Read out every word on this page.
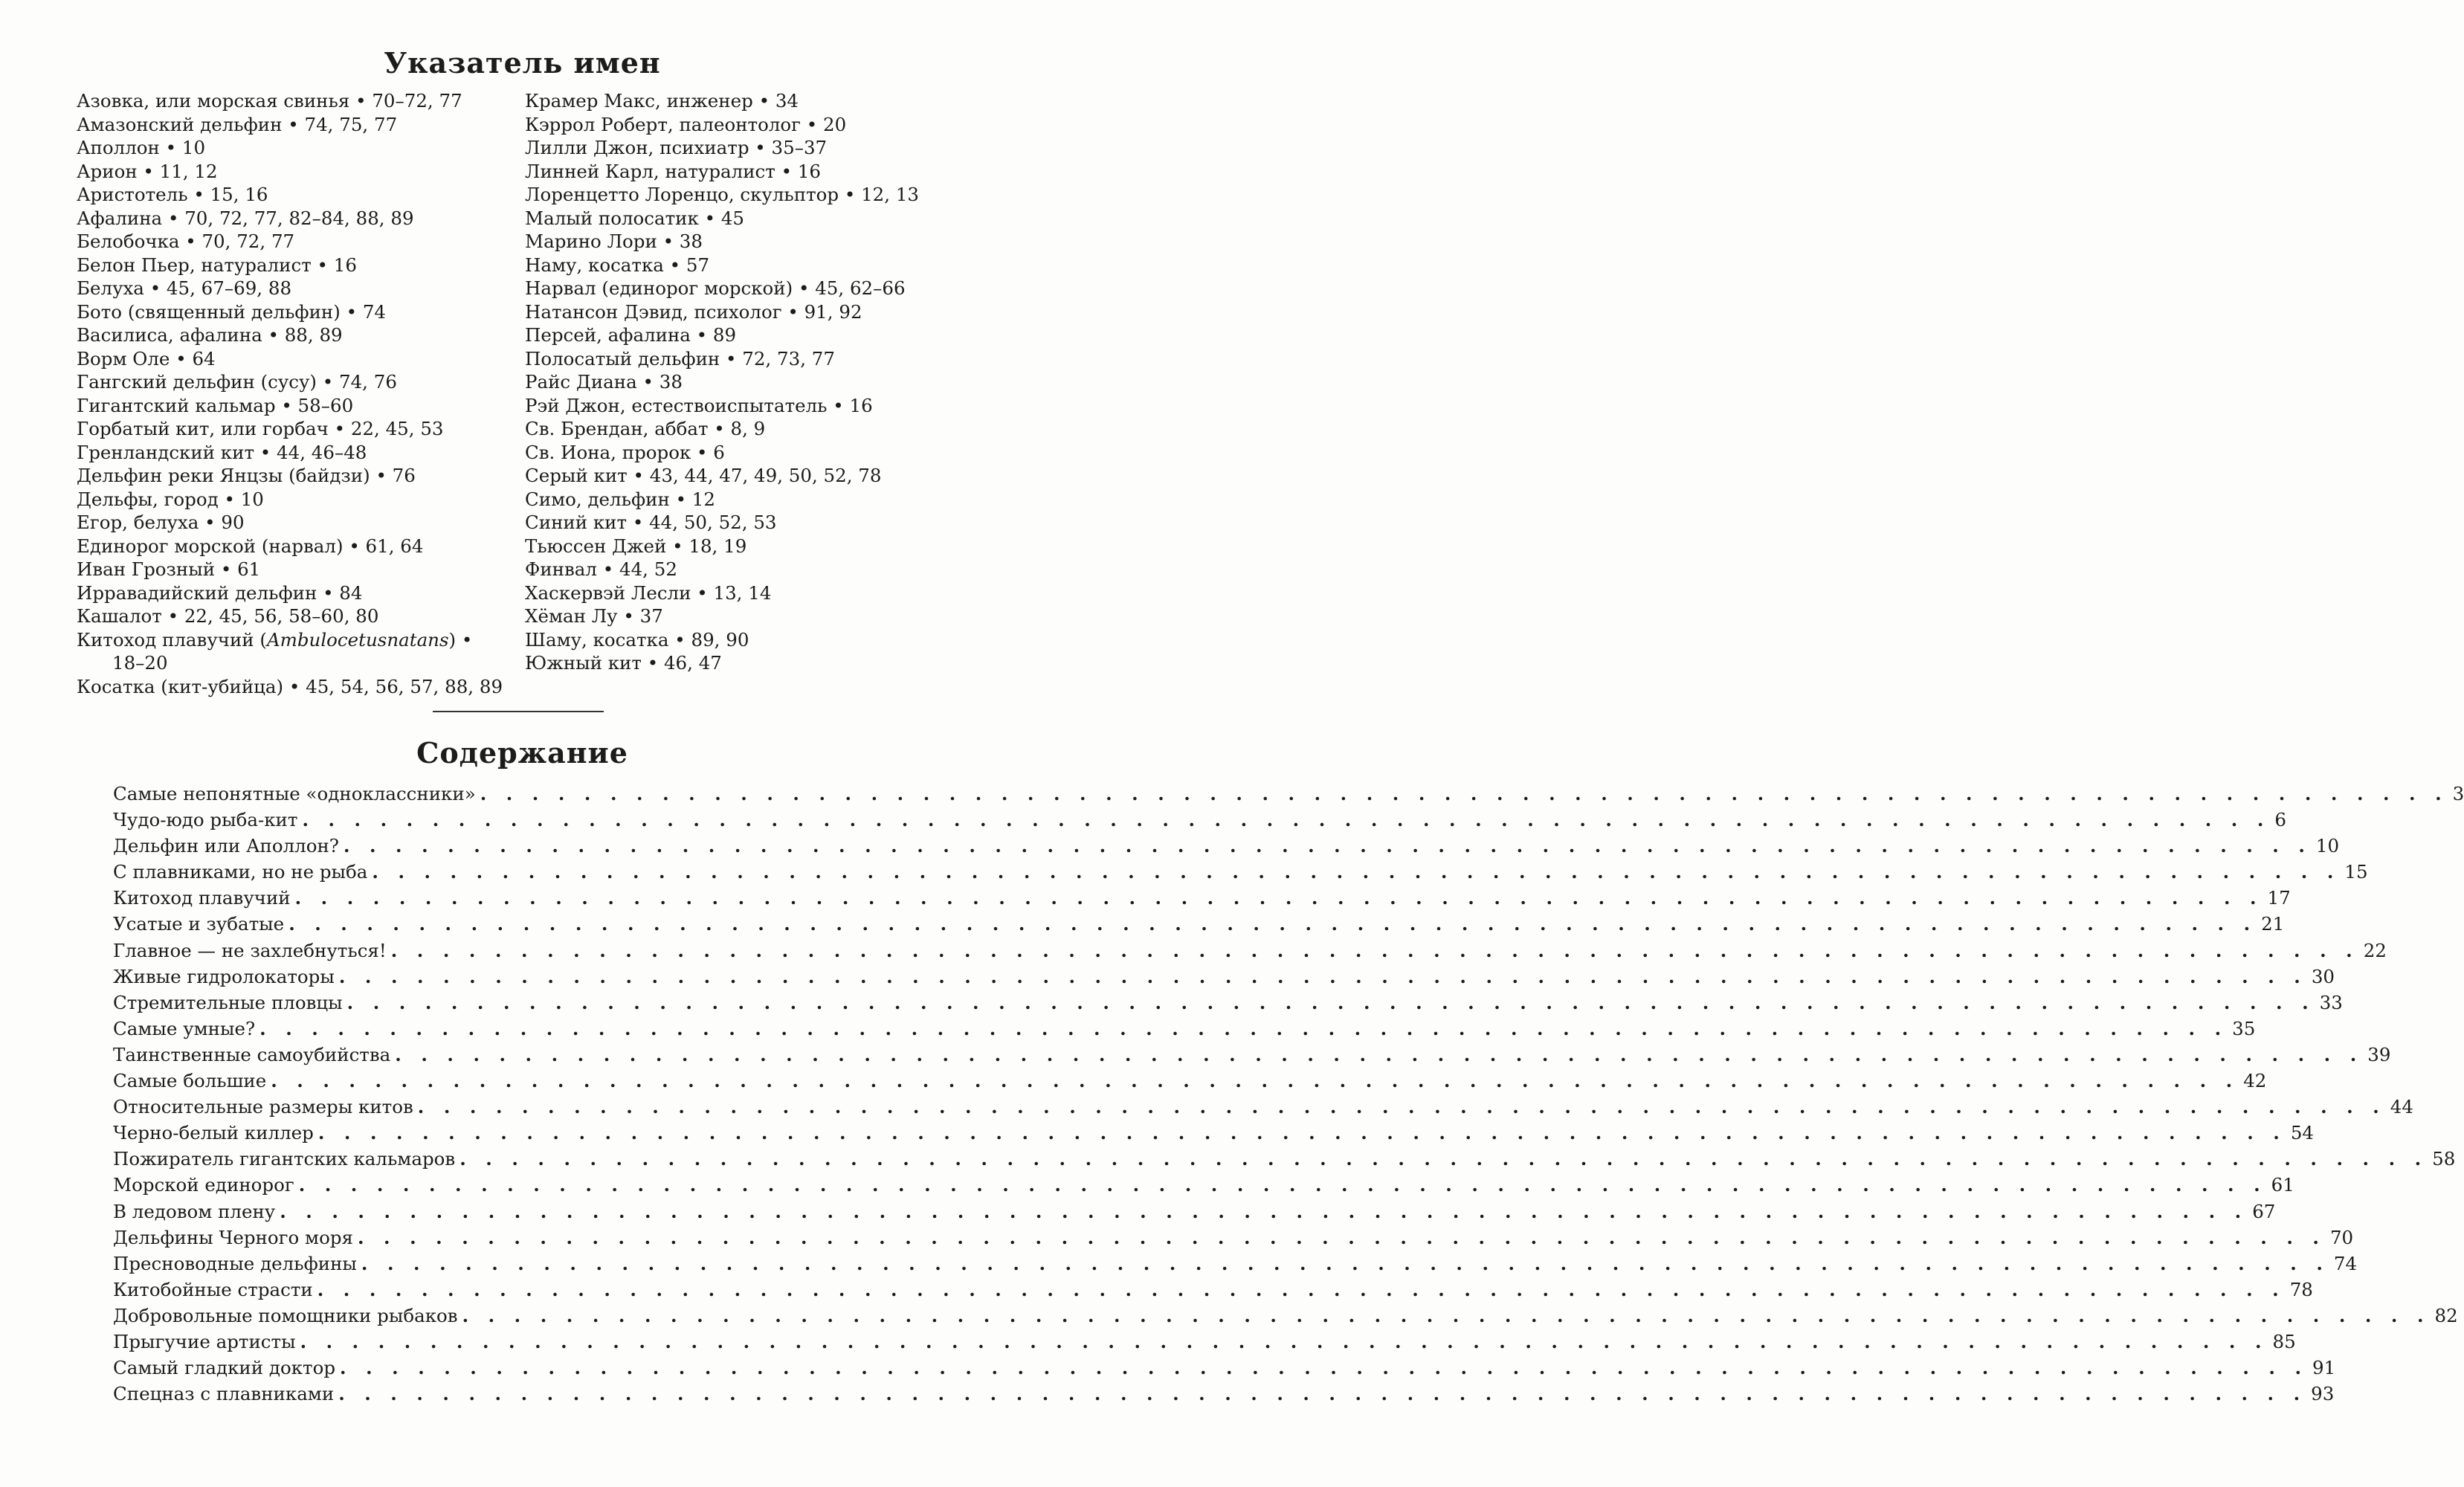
Указатель имен
Азовка, или морская свинья • 70–72, 77
Амазонский дельфин • 74, 75, 77
Аполлон • 10
Арион • 11, 12
Аристотель • 15, 16
Афалина • 70, 72, 77, 82–84, 88, 89
Белобочка • 70, 72, 77
Белон Пьер, натуралист • 16
Белуха • 45, 67–69, 88
Бото (священный дельфин) • 74
Василиса, афалина • 88, 89
Ворм Оле • 64
Гангский дельфин (сусу) • 74, 76
Гигантский кальмар • 58–60
Горбатый кит, или горбач • 22, 45, 53
Гренландский кит • 44, 46–48
Дельфин реки Янцзы (байдзи) • 76
Дельфы, город • 10
Егор, белуха • 90
Единорог морской (нарвал) • 61, 64
Иван Грозный • 61
Ирравадийский дельфин • 84
Кашалот • 22, 45, 56, 58–60, 80
Китоход плавучий (Ambulocetusnatans) •
18–20
Косатка (кит-убийца) • 45, 54, 56, 57, 88, 89
Крамер Макс, инженер • 34
Кэррол Роберт, палеонтолог • 20
Лилли Джон, психиатр • 35–37
Линней Карл, натуралист • 16
Лоренцетто Лоренцо, скульптор • 12, 13
Малый полосатик • 45
Марино Лори • 38
Наму, косатка • 57
Нарвал (единорог морской) • 45, 62–66
Натансон Дэвид, психолог • 91, 92
Персей, афалина • 89
Полосатый дельфин • 72, 73, 77
Райс Диана • 38
Рэй Джон, естествоиспытатель • 16
Св. Брендан, аббат • 8, 9
Св. Иона, пророк • 6
Серый кит • 43, 44, 47, 49, 50, 52, 78
Симо, дельфин • 12
Синий кит • 44, 50, 52, 53
Тьюссен Джей • 18, 19
Финвал • 44, 52
Хаскервэй Лесли • 13, 14
Хёман Лу • 37
Шаму, косатка • 89, 90
Южный кит • 46, 47
Содержание
Самые непонятные «одноклассники» . . . . . . . . . . . . . . . . . . . . . . . . . . . . . . . . . . . . . . . . . . . . . . . . . . . . . . . . . . . . . . . . . . . . . . . . . . . . 3
Чудо-юдо рыба-кит . . . . . . . . . . . . . . . . . . . . . . . . . . . . . . . . . . . . . . . . . . . . . . . . . . . . . . . . . . . . . . . . . . . . . . . . . . . . 6
Дельфин или Аполлон? . . . . . . . . . . . . . . . . . . . . . . . . . . . . . . . . . . . . . . . . . . . . . . . . . . . . . . . . . . . . . . . . . . . . . . . . . . . . 10
С плавниками, но не рыба . . . . . . . . . . . . . . . . . . . . . . . . . . . . . . . . . . . . . . . . . . . . . . . . . . . . . . . . . . . . . . . . . . . . . . . . . . . . 15
Китоход плавучий . . . . . . . . . . . . . . . . . . . . . . . . . . . . . . . . . . . . . . . . . . . . . . . . . . . . . . . . . . . . . . . . . . . . . . . . . . . . 17
Усатые и зубатые . . . . . . . . . . . . . . . . . . . . . . . . . . . . . . . . . . . . . . . . . . . . . . . . . . . . . . . . . . . . . . . . . . . . . . . . . . . . 21
Главное — не захлебнуться! . . . . . . . . . . . . . . . . . . . . . . . . . . . . . . . . . . . . . . . . . . . . . . . . . . . . . . . . . . . . . . . . . . . . . . . . . . . . 22
Живые гидролокаторы . . . . . . . . . . . . . . . . . . . . . . . . . . . . . . . . . . . . . . . . . . . . . . . . . . . . . . . . . . . . . . . . . . . . . . . . . . . . 30
Стремительные пловцы . . . . . . . . . . . . . . . . . . . . . . . . . . . . . . . . . . . . . . . . . . . . . . . . . . . . . . . . . . . . . . . . . . . . . . . . . . . . 33
Самые умные? . . . . . . . . . . . . . . . . . . . . . . . . . . . . . . . . . . . . . . . . . . . . . . . . . . . . . . . . . . . . . . . . . . . . . . . . . . . . 35
Таинственные самоубийства . . . . . . . . . . . . . . . . . . . . . . . . . . . . . . . . . . . . . . . . . . . . . . . . . . . . . . . . . . . . . . . . . . . . . . . . . . . . 39
Самые большие . . . . . . . . . . . . . . . . . . . . . . . . . . . . . . . . . . . . . . . . . . . . . . . . . . . . . . . . . . . . . . . . . . . . . . . . . . . . 42
Относительные размеры китов . . . . . . . . . . . . . . . . . . . . . . . . . . . . . . . . . . . . . . . . . . . . . . . . . . . . . . . . . . . . . . . . . . . . . . . . . . . . 44
Черно-белый киллер . . . . . . . . . . . . . . . . . . . . . . . . . . . . . . . . . . . . . . . . . . . . . . . . . . . . . . . . . . . . . . . . . . . . . . . . . . . . 54
Пожиратель гигантских кальмаров . . . . . . . . . . . . . . . . . . . . . . . . . . . . . . . . . . . . . . . . . . . . . . . . . . . . . . . . . . . . . . . . . . . . . . . . . . . . 58
Морской единорог . . . . . . . . . . . . . . . . . . . . . . . . . . . . . . . . . . . . . . . . . . . . . . . . . . . . . . . . . . . . . . . . . . . . . . . . . . . . 61
В ледовом плену . . . . . . . . . . . . . . . . . . . . . . . . . . . . . . . . . . . . . . . . . . . . . . . . . . . . . . . . . . . . . . . . . . . . . . . . . . . . 67
Дельфины Черного моря . . . . . . . . . . . . . . . . . . . . . . . . . . . . . . . . . . . . . . . . . . . . . . . . . . . . . . . . . . . . . . . . . . . . . . . . . . . . 70
Пресноводные дельфины . . . . . . . . . . . . . . . . . . . . . . . . . . . . . . . . . . . . . . . . . . . . . . . . . . . . . . . . . . . . . . . . . . . . . . . . . . . . 74
Китобойные страсти . . . . . . . . . . . . . . . . . . . . . . . . . . . . . . . . . . . . . . . . . . . . . . . . . . . . . . . . . . . . . . . . . . . . . . . . . . . . 78
Добровольные помощники рыбаков . . . . . . . . . . . . . . . . . . . . . . . . . . . . . . . . . . . . . . . . . . . . . . . . . . . . . . . . . . . . . . . . . . . . . . . . . . . . 82
Прыгучие артисты . . . . . . . . . . . . . . . . . . . . . . . . . . . . . . . . . . . . . . . . . . . . . . . . . . . . . . . . . . . . . . . . . . . . . . . . . . . . 85
Самый гладкий доктор . . . . . . . . . . . . . . . . . . . . . . . . . . . . . . . . . . . . . . . . . . . . . . . . . . . . . . . . . . . . . . . . . . . . . . . . . . . . 91
Спецназ с плавниками . . . . . . . . . . . . . . . . . . . . . . . . . . . . . . . . . . . . . . . . . . . . . . . . . . . . . . . . . . . . . . . . . . . . . . . . . . . . 93
